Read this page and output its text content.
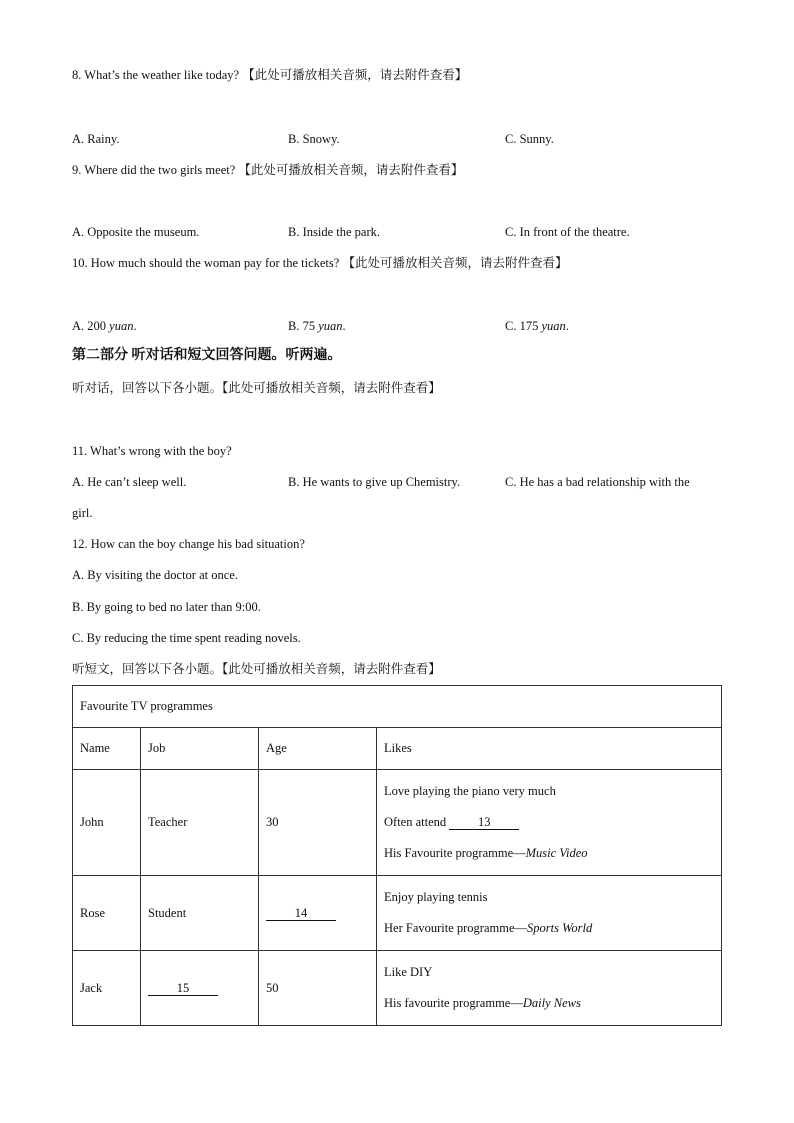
8. What’s the weather like today? 【此处可播放相关音频，请去附件查看】
A. Rainy.	B. Snowy.	C. Sunny.
9. Where did the two girls meet? 【此处可播放相关音频，请去附件查看】
A. Opposite the museum.	B. Inside the park.	C. In front of the theatre.
10. How much should the woman pay for the tickets? 【此处可播放相关音频，请去附件查看】
A. 200 yuan.	B. 75 yuan.	C. 175 yuan.
第二部分 听对话和短文回答问题。听两遍。
听对话，回答以下各小题。【此处可播放相关音频，请去附件查看】
11. What’s wrong with the boy?
A. He can’t sleep well.	B. He wants to give up Chemistry.	C. He has a bad relationship with the
girl.
12. How can the boy change his bad situation?
A. By visiting the doctor at once.
B. By going to bed no later than 9:00.
C. By reducing the time spent reading novels.
听短文，回答以下各小题。【此处可播放相关音频，请去附件查看】
Favourite TV programmes			
Name	Job	Age	Likes
John	Teacher	30	Love playing the piano very much
Often attend 13
His Favourite programme—Music Video

Rose	Student	14	Enjoy playing tennis
Her Favourite programme—Sports World

Jack	15	50	Like DIY
His favourite programme—Daily News
